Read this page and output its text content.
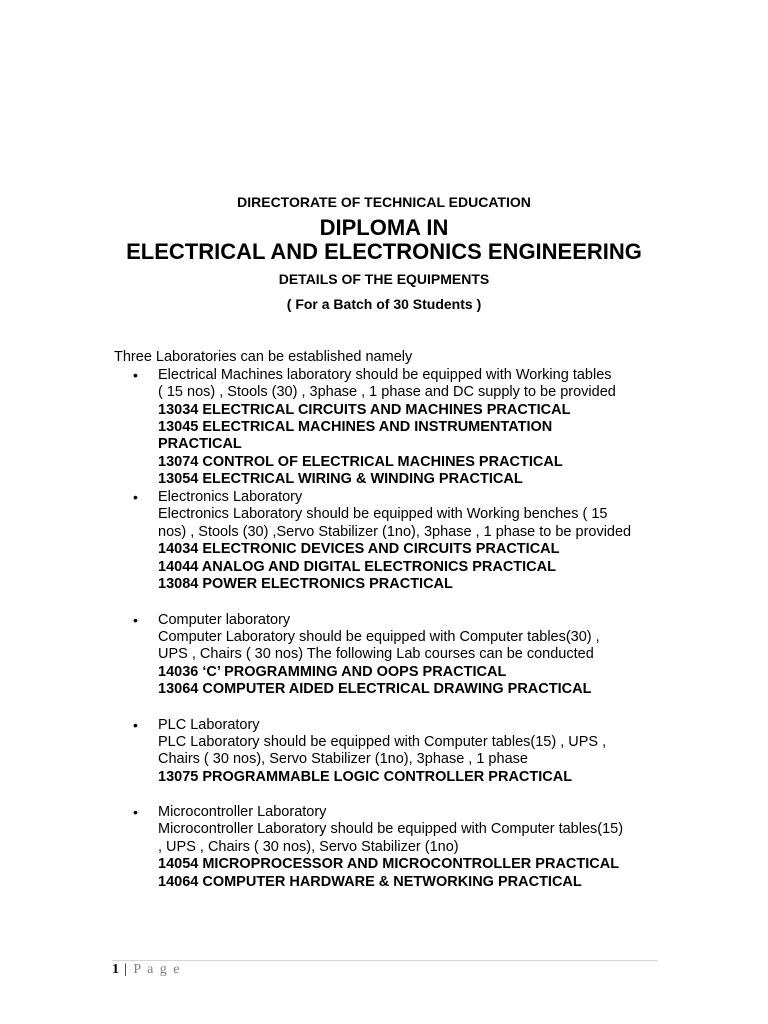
DIRECTORATE OF TECHNICAL EDUCATION
DIPLOMA IN
ELECTRICAL AND ELECTRONICS ENGINEERING
DETAILS OF THE EQUIPMENTS
( For a Batch of 30 Students )
Three Laboratories can be established namely
• Electrical Machines laboratory should be equipped with Working tables
( 15 nos) , Stools (30) , 3phase , 1 phase and DC supply to be provided
13034 ELECTRICAL CIRCUITS AND MACHINES PRACTICAL
13045 ELECTRICAL MACHINES AND INSTRUMENTATION
PRACTICAL
13074 CONTROL OF ELECTRICAL MACHINES PRACTICAL
13054 ELECTRICAL WIRING & WINDING PRACTICAL
• Electronics Laboratory
Electronics Laboratory should be equipped with Working benches ( 15
nos) , Stools (30) ,Servo Stabilizer (1no), 3phase , 1 phase to be provided
14034 ELECTRONIC DEVICES AND CIRCUITS PRACTICAL
14044 ANALOG AND DIGITAL ELECTRONICS PRACTICAL
13084 POWER ELECTRONICS PRACTICAL
• Computer laboratory
Computer Laboratory should be equipped with Computer tables(30) ,
UPS , Chairs ( 30 nos) The following Lab courses can be conducted
14036 ‘C’ PROGRAMMING AND OOPS PRACTICAL
13064 COMPUTER AIDED ELECTRICAL DRAWING PRACTICAL
• PLC Laboratory
PLC Laboratory should be equipped with Computer tables(15) , UPS ,
Chairs ( 30 nos), Servo Stabilizer (1no), 3phase , 1 phase
13075 PROGRAMMABLE LOGIC CONTROLLER PRACTICAL
• Microcontroller Laboratory
Microcontroller Laboratory should be equipped with Computer tables(15)
, UPS , Chairs ( 30 nos), Servo Stabilizer (1no)
14054 MICROPROCESSOR AND MICROCONTROLLER PRACTICAL
14064 COMPUTER HARDWARE & NETWORKING PRACTICAL
1 | P a g e
